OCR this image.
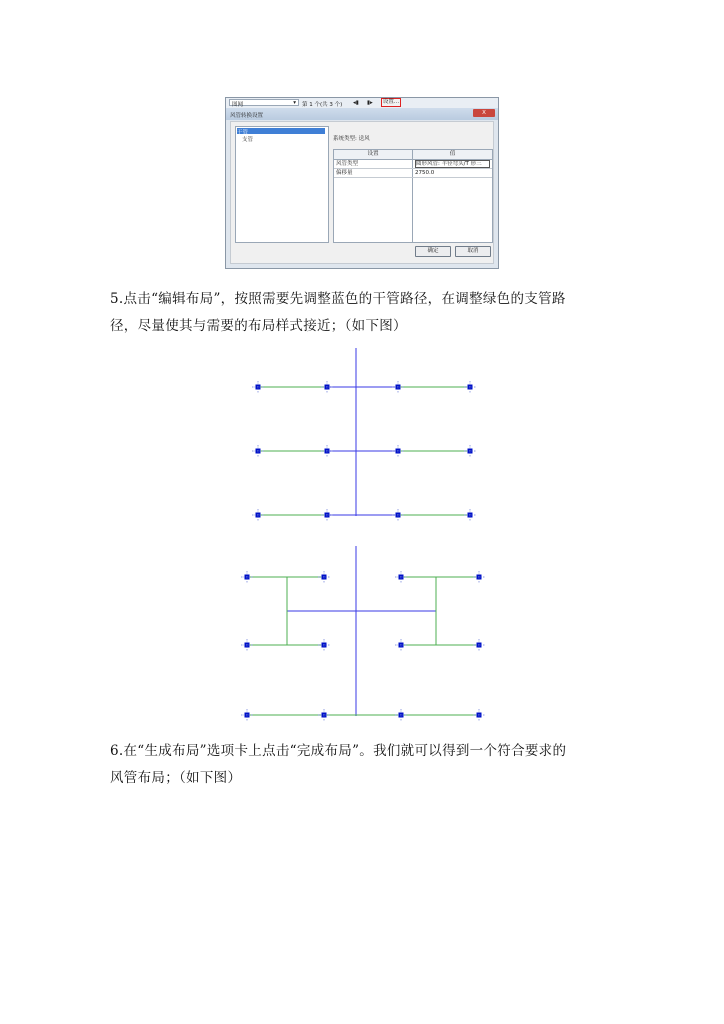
图网	▾ 第 1 个(共 3 个) ◂▮ ▮▸	设置...
风管转换设置	X
干管
支管	系统类型: 送风
设置	值
风管类型	圆形风管: 半径弯头/T 形三
偏移量	2750.0
确定	取消
5.点击“编辑布局”，按照需要先调整蓝色的干管路径，在调整绿色的支管路
径，尽量使其与需要的布局样式接近；（如下图）
6.在“生成布局”选项卡上点击“完成布局”。我们就可以得到一个符合要求的
风管布局；（如下图）
